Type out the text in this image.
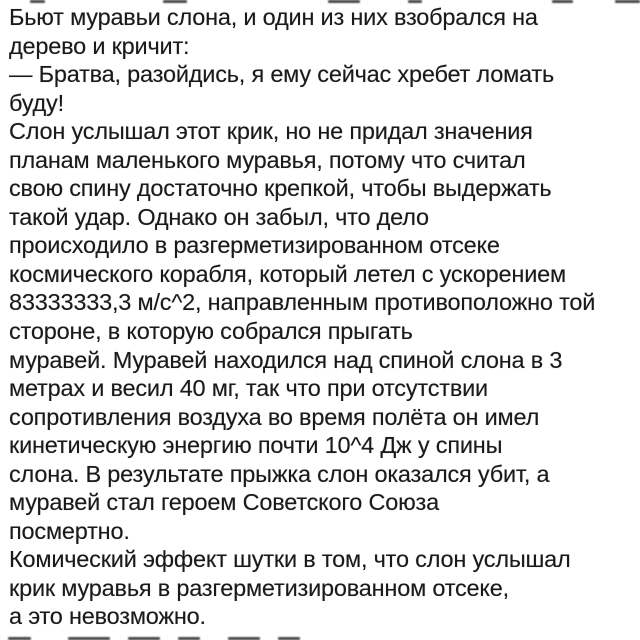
Бьют муравьи слона, и один из них взобрался на
дерево и кричит:
— Братва, разойдись, я ему сейчас хребет ломать
буду!
Слон услышал этот крик, но не придал значения
планам маленького муравья, потому что считал
свою спину достаточно крепкой, чтобы выдержать
такой удар. Однако он забыл, что дело
происходило в разгерметизированном отсеке
космического корабля, который летел с ускорением
83333333,3 м/с^2, направленным противоположно той
стороне, в которую собрался прыгать
муравей. Муравей находился над спиной слона в 3
метрах и весил 40 мг, так что при отсутствии
сопротивления воздуха во время полёта он имел
кинетическую энергию почти 10^4 Дж у спины
слона. В результате прыжка слон оказался убит, а
муравей стал героем Советского Союза
посмертно.
Комический эффект шутки в том, что слон услышал
крик муравья в разгерметизированном отсеке,
а это невозможно.
